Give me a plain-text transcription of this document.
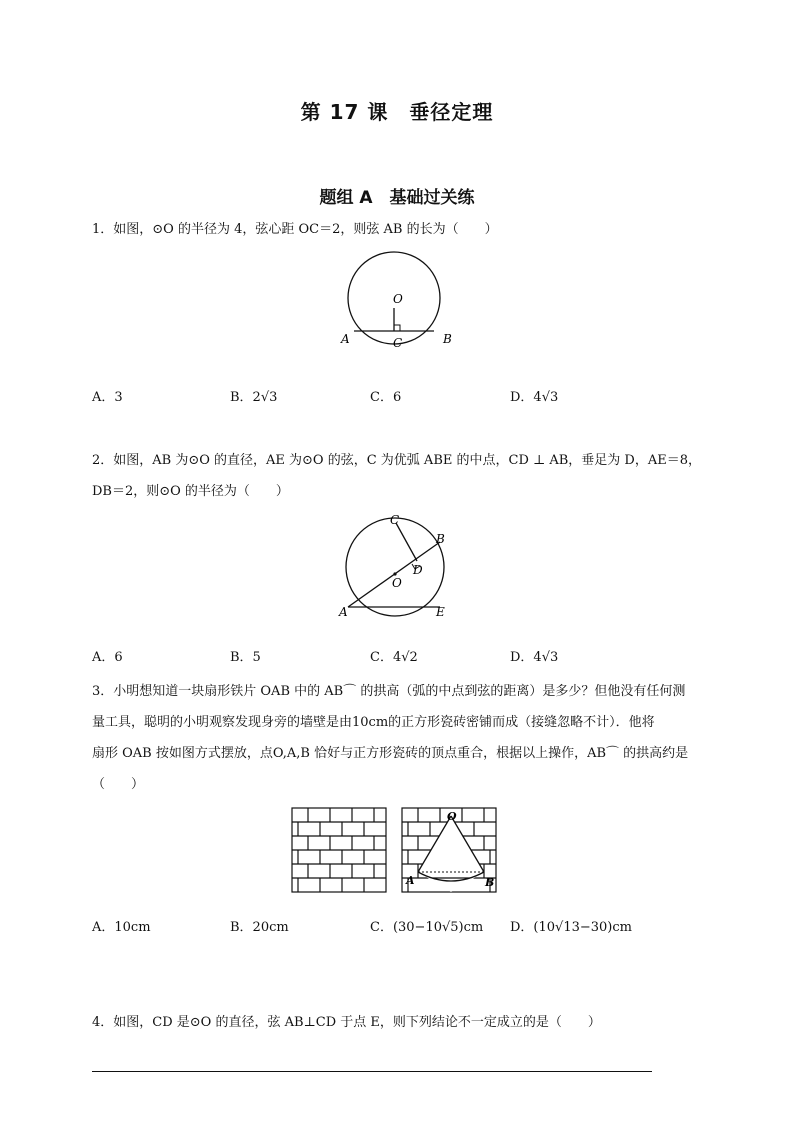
第 17 课　垂径定理
题组 A　基础过关练
1．如图，⊙O 的半径为 4，弦心距 OC＝2，则弦 AB 的长为（　　）
O
A	B
C
A．3	B．2√3	C．6	D．4√3
2．如图，AB 为⊙O 的直径，AE 为⊙O 的弦，C 为优弧 ABE 的中点，CD ⊥ AB，垂足为 D，AE＝8，
DB＝2，则⊙O 的半径为（　　）
C
B
D
O
A	E
A．6	B．5	C．4√2	D．4√3
3．小明想知道一块扇形铁片 OAB 中的 AB⌒ 的拱高（弧的中点到弦的距离）是多少？但他没有任何测
量工具，聪明的小明观察发现身旁的墙壁是由10cm的正方形瓷砖密铺而成（接缝忽略不计）．他将
扇形 OAB 按如图方式摆放，点O,A,B 恰好与正方形瓷砖的顶点重合，根据以上操作，AB⌒ 的拱高约是
（　　）
O
A	B
A．10cm	B．20cm	C．(30−10√5)cm D．(10√13−30)cm
4．如图，CD 是⊙O 的直径，弦 AB⊥CD 于点 E，则下列结论不一定成立的是（　　）
